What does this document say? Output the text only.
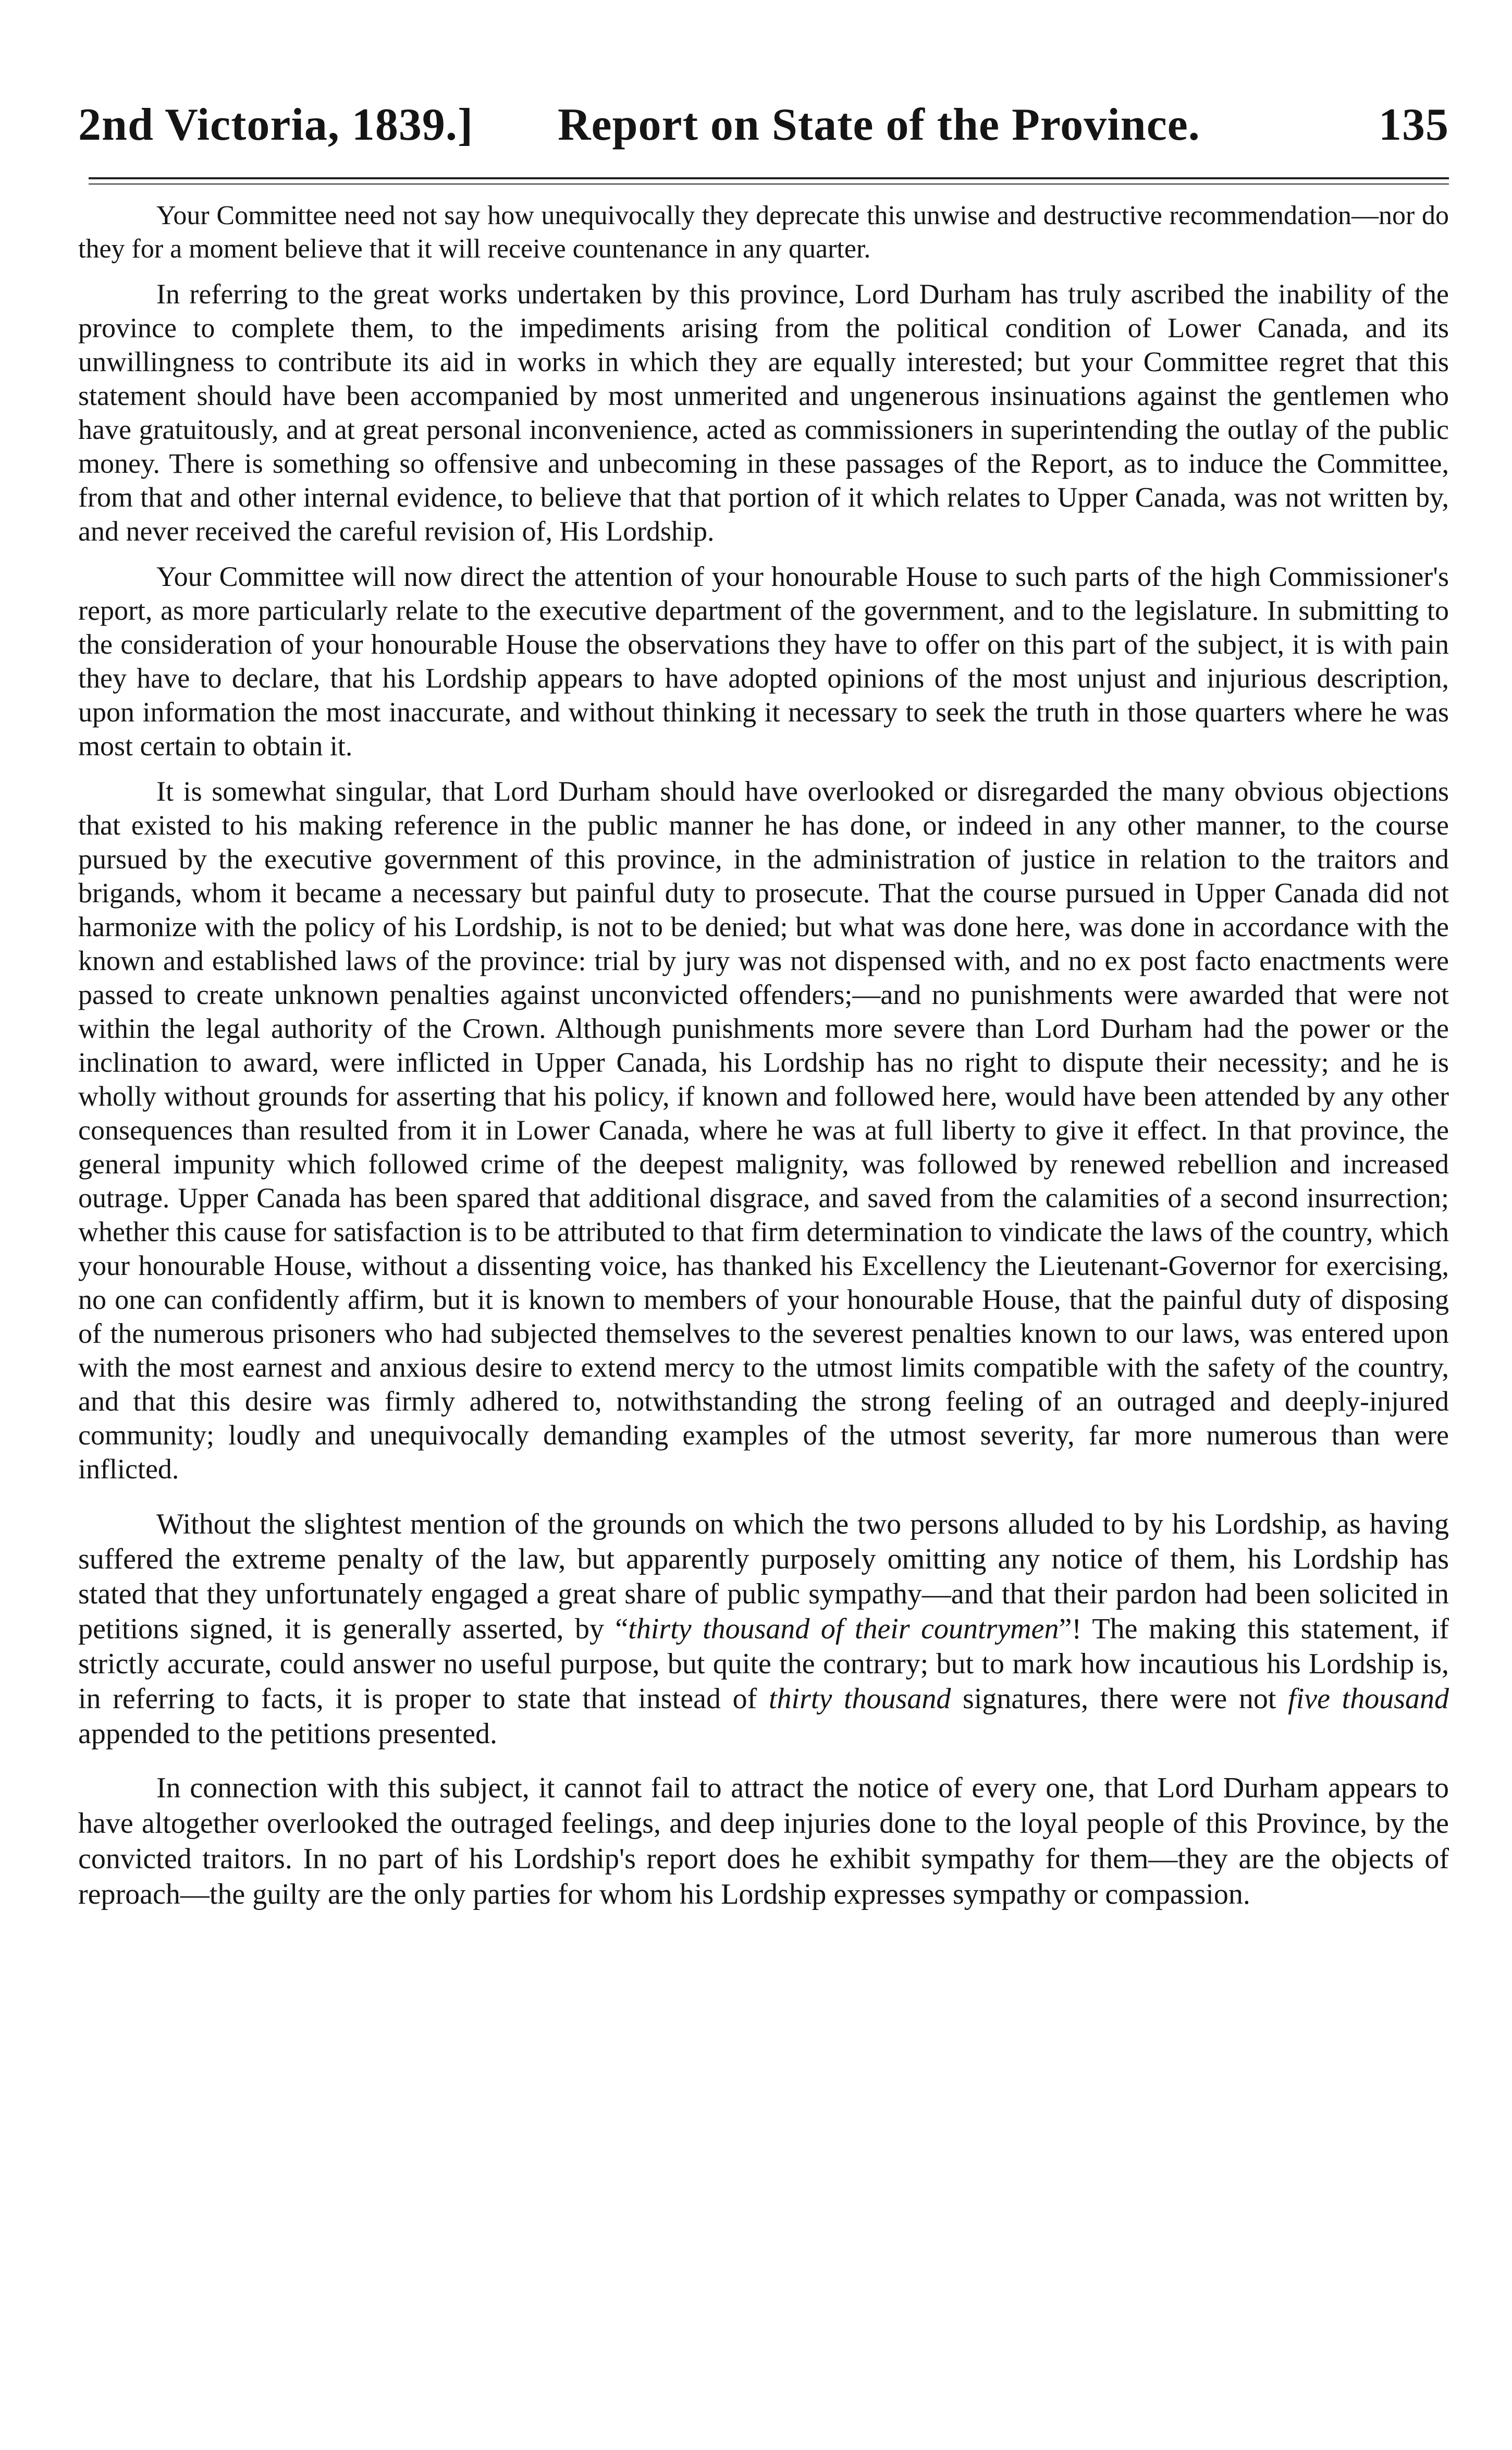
2nd Victoria, 1839.] Report on State of the Province.	135

Your Committee need not say how unequivocally they deprecate this unwise and destructive recommendation—nor do they for a moment believe that it will receive countenance in any quarter.

In referring to the great works undertaken by this province, Lord Durham has truly ascribed the inability of the province to complete them, to the impediments arising from the political condition of Lower Canada, and its unwillingness to contribute its aid in works in which they are equally interested; but your Committee regret that this statement should have been accompanied by most unmerited and ungenerous insinuations against the gentlemen who have gratuitously, and at great personal inconvenience, acted as commissioners in superintending the outlay of the public money. There is something so offensive and unbecoming in these passages of the Report, as to induce the Committee, from that and other internal evidence, to believe that that portion of it which relates to Upper Canada, was not written by, and never received the careful revision of, His Lordship.

Your Committee will now direct the attention of your honourable House to such parts of the high Commissioner's report, as more particularly relate to the executive department of the government, and to the legislature. In submitting to the consideration of your honourable House the observations they have to offer on this part of the subject, it is with pain they have to declare, that his Lordship appears to have adopted opinions of the most unjust and injurious description, upon information the most inaccurate, and without thinking it necessary to seek the truth in those quarters where he was most certain to obtain it.

It is somewhat singular, that Lord Durham should have overlooked or disregarded the many obvious objections that existed to his making reference in the public manner he has done, or indeed in any other manner, to the course pursued by the executive government of this province, in the administration of justice in relation to the traitors and brigands, whom it became a necessary but painful duty to prosecute. That the course pursued in Upper Canada did not harmonize with the policy of his Lordship, is not to be denied; but what was done here, was done in accordance with the known and established laws of the province: trial by jury was not dispensed with, and no ex post facto enactments were passed to create unknown penalties against unconvicted offenders;—and no punishments were awarded that were not within the legal authority of the Crown. Although punishments more severe than Lord Durham had the power or the inclination to award, were inflicted in Upper Canada, his Lordship has no right to dispute their necessity; and he is wholly without grounds for asserting that his policy, if known and followed here, would have been attended by any other consequences than resulted from it in Lower Canada, where he was at full liberty to give it effect. In that province, the general impunity which followed crime of the deepest malignity, was followed by renewed rebellion and increased outrage. Upper Canada has been spared that additional disgrace, and saved from the calamities of a second insurrection; whether this cause for satisfaction is to be attributed to that firm determination to vindicate the laws of the country, which your honourable House, without a dissenting voice, has thanked his Excellency the Lieutenant-Governor for exercising, no one can confidently affirm, but it is known to members of your honourable House, that the painful duty of disposing of the numerous prisoners who had subjected themselves to the severest penalties known to our laws, was entered upon with the most earnest and anxious desire to extend mercy to the utmost limits compatible with the safety of the country, and that this desire was firmly adhered to, notwithstanding the strong feeling of an outraged and deeply-injured community; loudly and unequivocally demanding examples of the utmost severity, far more numerous than were inflicted.

Without the slightest mention of the grounds on which the two persons alluded to by his Lordship, as having suffered the extreme penalty of the law, but apparently purposely omitting any notice of them, his Lordship has stated that they unfortunately engaged a great share of public sympathy—and that their pardon had been solicited in petitions signed, it is generally asserted, by “thirty thousand of their countrymen”! The making this statement, if strictly accurate, could answer no useful purpose, but quite the contrary; but to mark how incautious his Lordship is, in referring to facts, it is proper to state that instead of thirty thousand signatures, there were not five thousand appended to the petitions presented.

In connection with this subject, it cannot fail to attract the notice of every one, that Lord Durham appears to have altogether overlooked the outraged feelings, and deep injuries done to the loyal people of this Province, by the convicted traitors. In no part of his Lordship's report does he exhibit sympathy for them—they are the objects of reproach—the guilty are the only parties for whom his Lordship expresses sympathy or compassion.
